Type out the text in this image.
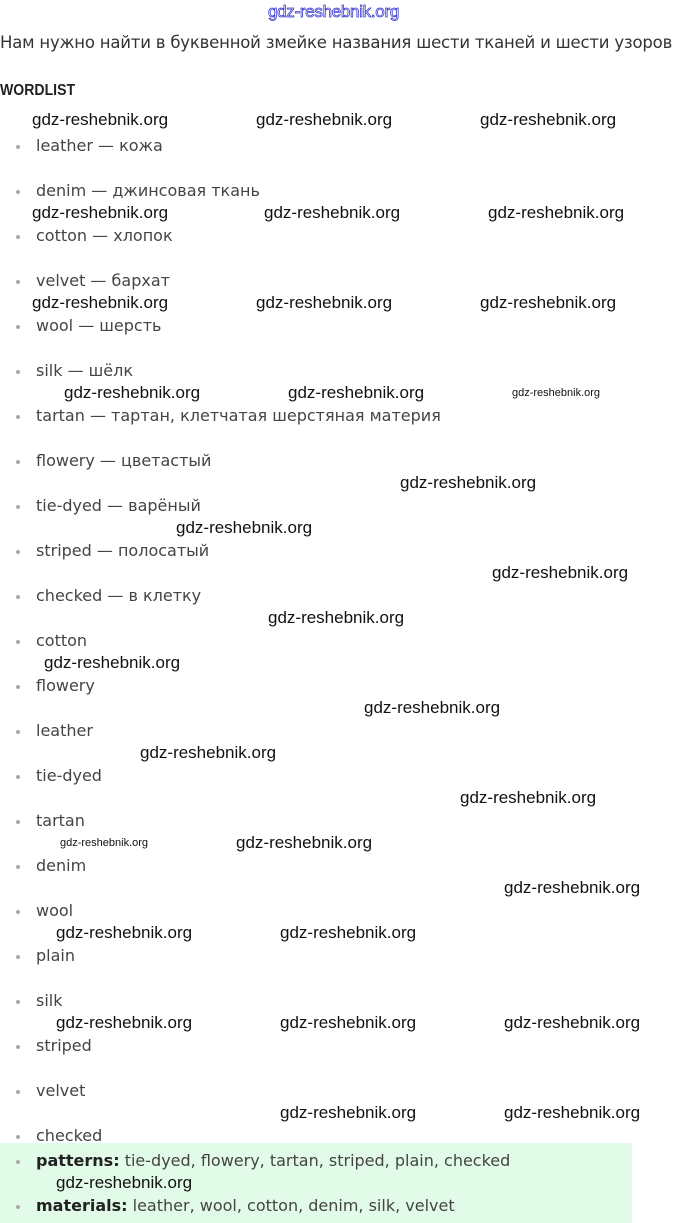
gdz-reshebnik.org
Нам нужно найти в буквенной змейке названия шести тканей и шести узоров
WORDLIST
leather — кожа
denim — джинсовая ткань
cotton — хлопок
velvet — бархат
wool — шерсть
silk — шёлк
tartan — тартан, клетчатая шерстяная материя
flowery — цветастый
tie-dyed — варёный
striped — полосатый
checked — в клетку
cotton
flowery
leather
tie-dyed
tartan
denim
wool
plain
silk
striped
velvet
checked
patterns: tie-dyed, flowery, tartan, striped, plain, checked
materials: leather, wool, cotton, denim, silk, velvet
gdz-reshebnik.org	gdz-reshebnik.org
gdz-reshebnik.org
gdz-reshebnik.org	gdz-reshebnik.org
gdz-reshebnik.org
gdz-reshebnik.org	gdz-reshebnik.org
gdz-reshebnik.org
gdz-reshebnik.org	gdz-reshebnik.org
gdz-reshebnik.org
gdz-reshebnik.org
gdz-reshebnik.org
gdz-reshebnik.org
gdz-reshebnik.org
gdz-reshebnik.org
gdz-reshebnik.org
gdz-reshebnik.org
gdz-reshebnik.org
gdz-reshebnik.org	gdz-reshebnik.org
gdz-reshebnik.org
gdz-reshebnik.org
gdz-reshebnik.org
gdz-reshebnik.org
gdz-reshebnik.org
gdz-reshebnik.org
gdz-reshebnik.org
gdz-reshebnik.org
gdz-reshebnik.org
